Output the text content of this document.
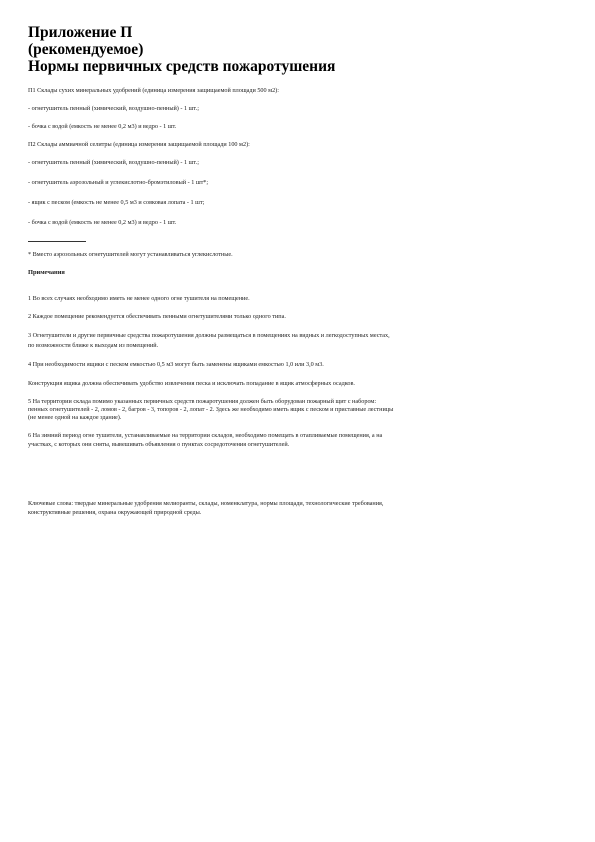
Приложение П

(рекомендуемое)

Нормы первичных средств пожаротушения

П1 Склады сухих минеральных удобрений (единица измерения защищаемой площади 500 м2):

- огнетушитель пенный (химический, воздушно-пенный) - 1 шт.;

- бочка с водой (емкость не менее 0,2 м3) и ведро - 1 шт.

П2 Склады аммиачной селитры (единица измерения защищаемой площади 100 м2):

- огнетушитель пенный (химический, воздушно-пенный) - 1 шт.;

- огнетушитель аэрозольный и углекислотно-бромэтиловый - 1 шт*;

- ящик с песком (емкость не менее 0,5 м3 и совковая лопата - 1 шт;

- бочка с водой (емкость не менее 0,2 м3) и ведро - 1 шт.

* Вместо аэрозольных огнетушителей могут устанавливаться углекислотные.

Примечания

1 Во всех случаях необходимо иметь не менее одного огне тушителя на помещение.

2 Каждое помещение рекомендуется обеспечивать пенными огнетушителями только одного типа.

3 Огнетушители и другие первичные средства пожаротушения должны размещаться в помещениях на видных и легкодоступных местах,

по возможности ближе к выходам из помещений.

4 При необходимости ящики с песком емкостью 0,5 м3 могут быть заменены ящиками емкостью 1,0 или 3,0 м3.

Конструкция ящика должна обеспечивать удобство извлечения песка и исключать попадание в ящик атмосферных осадков.

5 На территории склада помимо указанных первичных средств пожаротушения должен быть оборудован пожарный щит с набором:

пенных огнетушителей - 2, ломов - 2, багров - 3, топоров - 2, лопат - 2. Здесь же необходимо иметь ящик с песком и приставные лестницы

(не менее одной на каждое здание).

6 На зимний период огне тушители, устанавливаемые на территории складов, необходимо помещать в отапливаемые помещения, а на

участках, с которых они сняты, вывешивать объявления о пунктах сосредоточения огнетушителей.

Ключевые слова: твердые минеральные удобрения мелиоранты, склады, номенклатура, нормы площади, технологические требования,

конструктивные решения, охрана окружающей природной среды.
